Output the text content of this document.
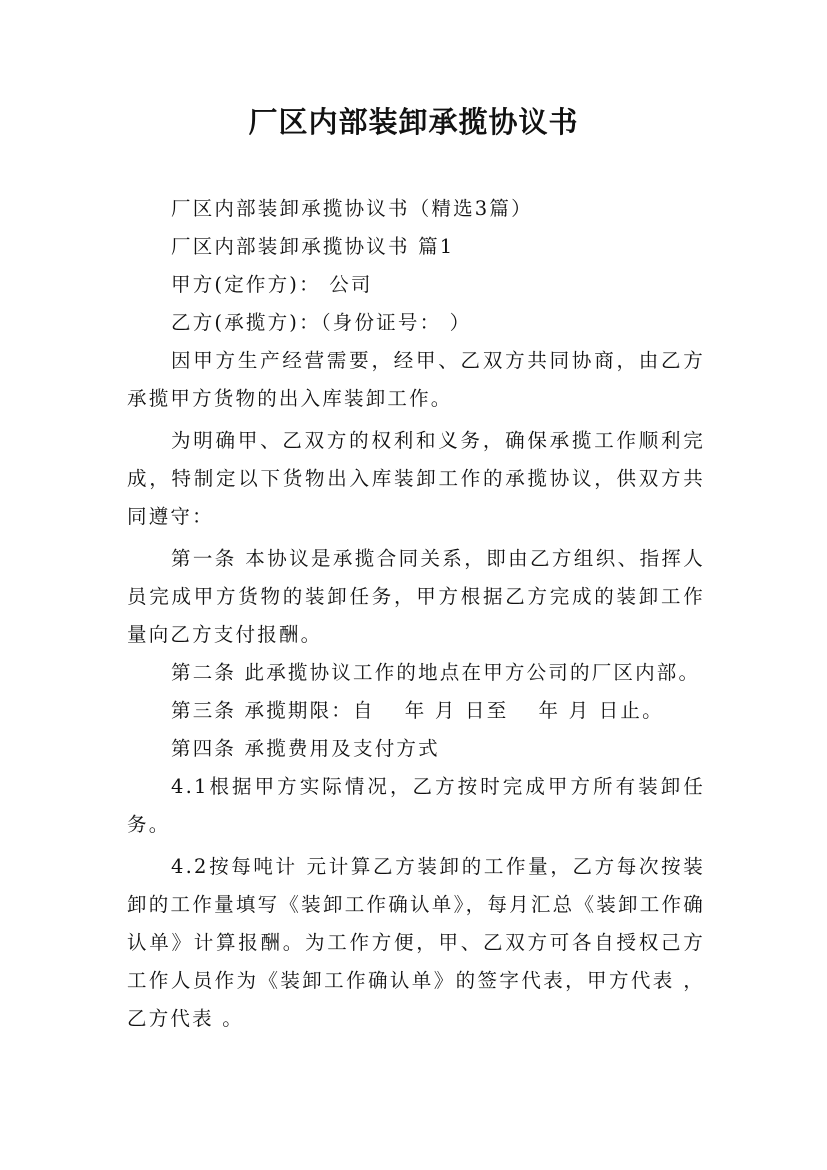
厂区内部装卸承揽协议书

厂区内部装卸承揽协议书（精选3篇）

厂区内部装卸承揽协议书 篇1

甲方(定作方)： 公司

乙方(承揽方)：（身份证号： ）

因甲方生产经营需要，经甲、乙双方共同协商，由乙方承揽甲方货物的出入库装卸工作。

为明确甲、乙双方的权利和义务，确保承揽工作顺利完成，特制定以下货物出入库装卸工作的承揽协议，供双方共同遵守：

第一条 本协议是承揽合同关系，即由乙方组织、指挥人员完成甲方货物的装卸任务，甲方根据乙方完成的装卸工作量向乙方支付报酬。

第二条 此承揽协议工作的地点在甲方公司的厂区内部。

第三条 承揽期限：自　 年 月 日至　 年 月 日止。

第四条 承揽费用及支付方式

4.1根据甲方实际情况，乙方按时完成甲方所有装卸任务。

4.2按每吨计 元计算乙方装卸的工作量，乙方每次按装卸的工作量填写《装卸工作确认单》，每月汇总《装卸工作确认单》计算报酬。为工作方便，甲、乙双方可各自授权己方工作人员作为《装卸工作确认单》的签字代表，甲方代表 ，乙方代表 。
